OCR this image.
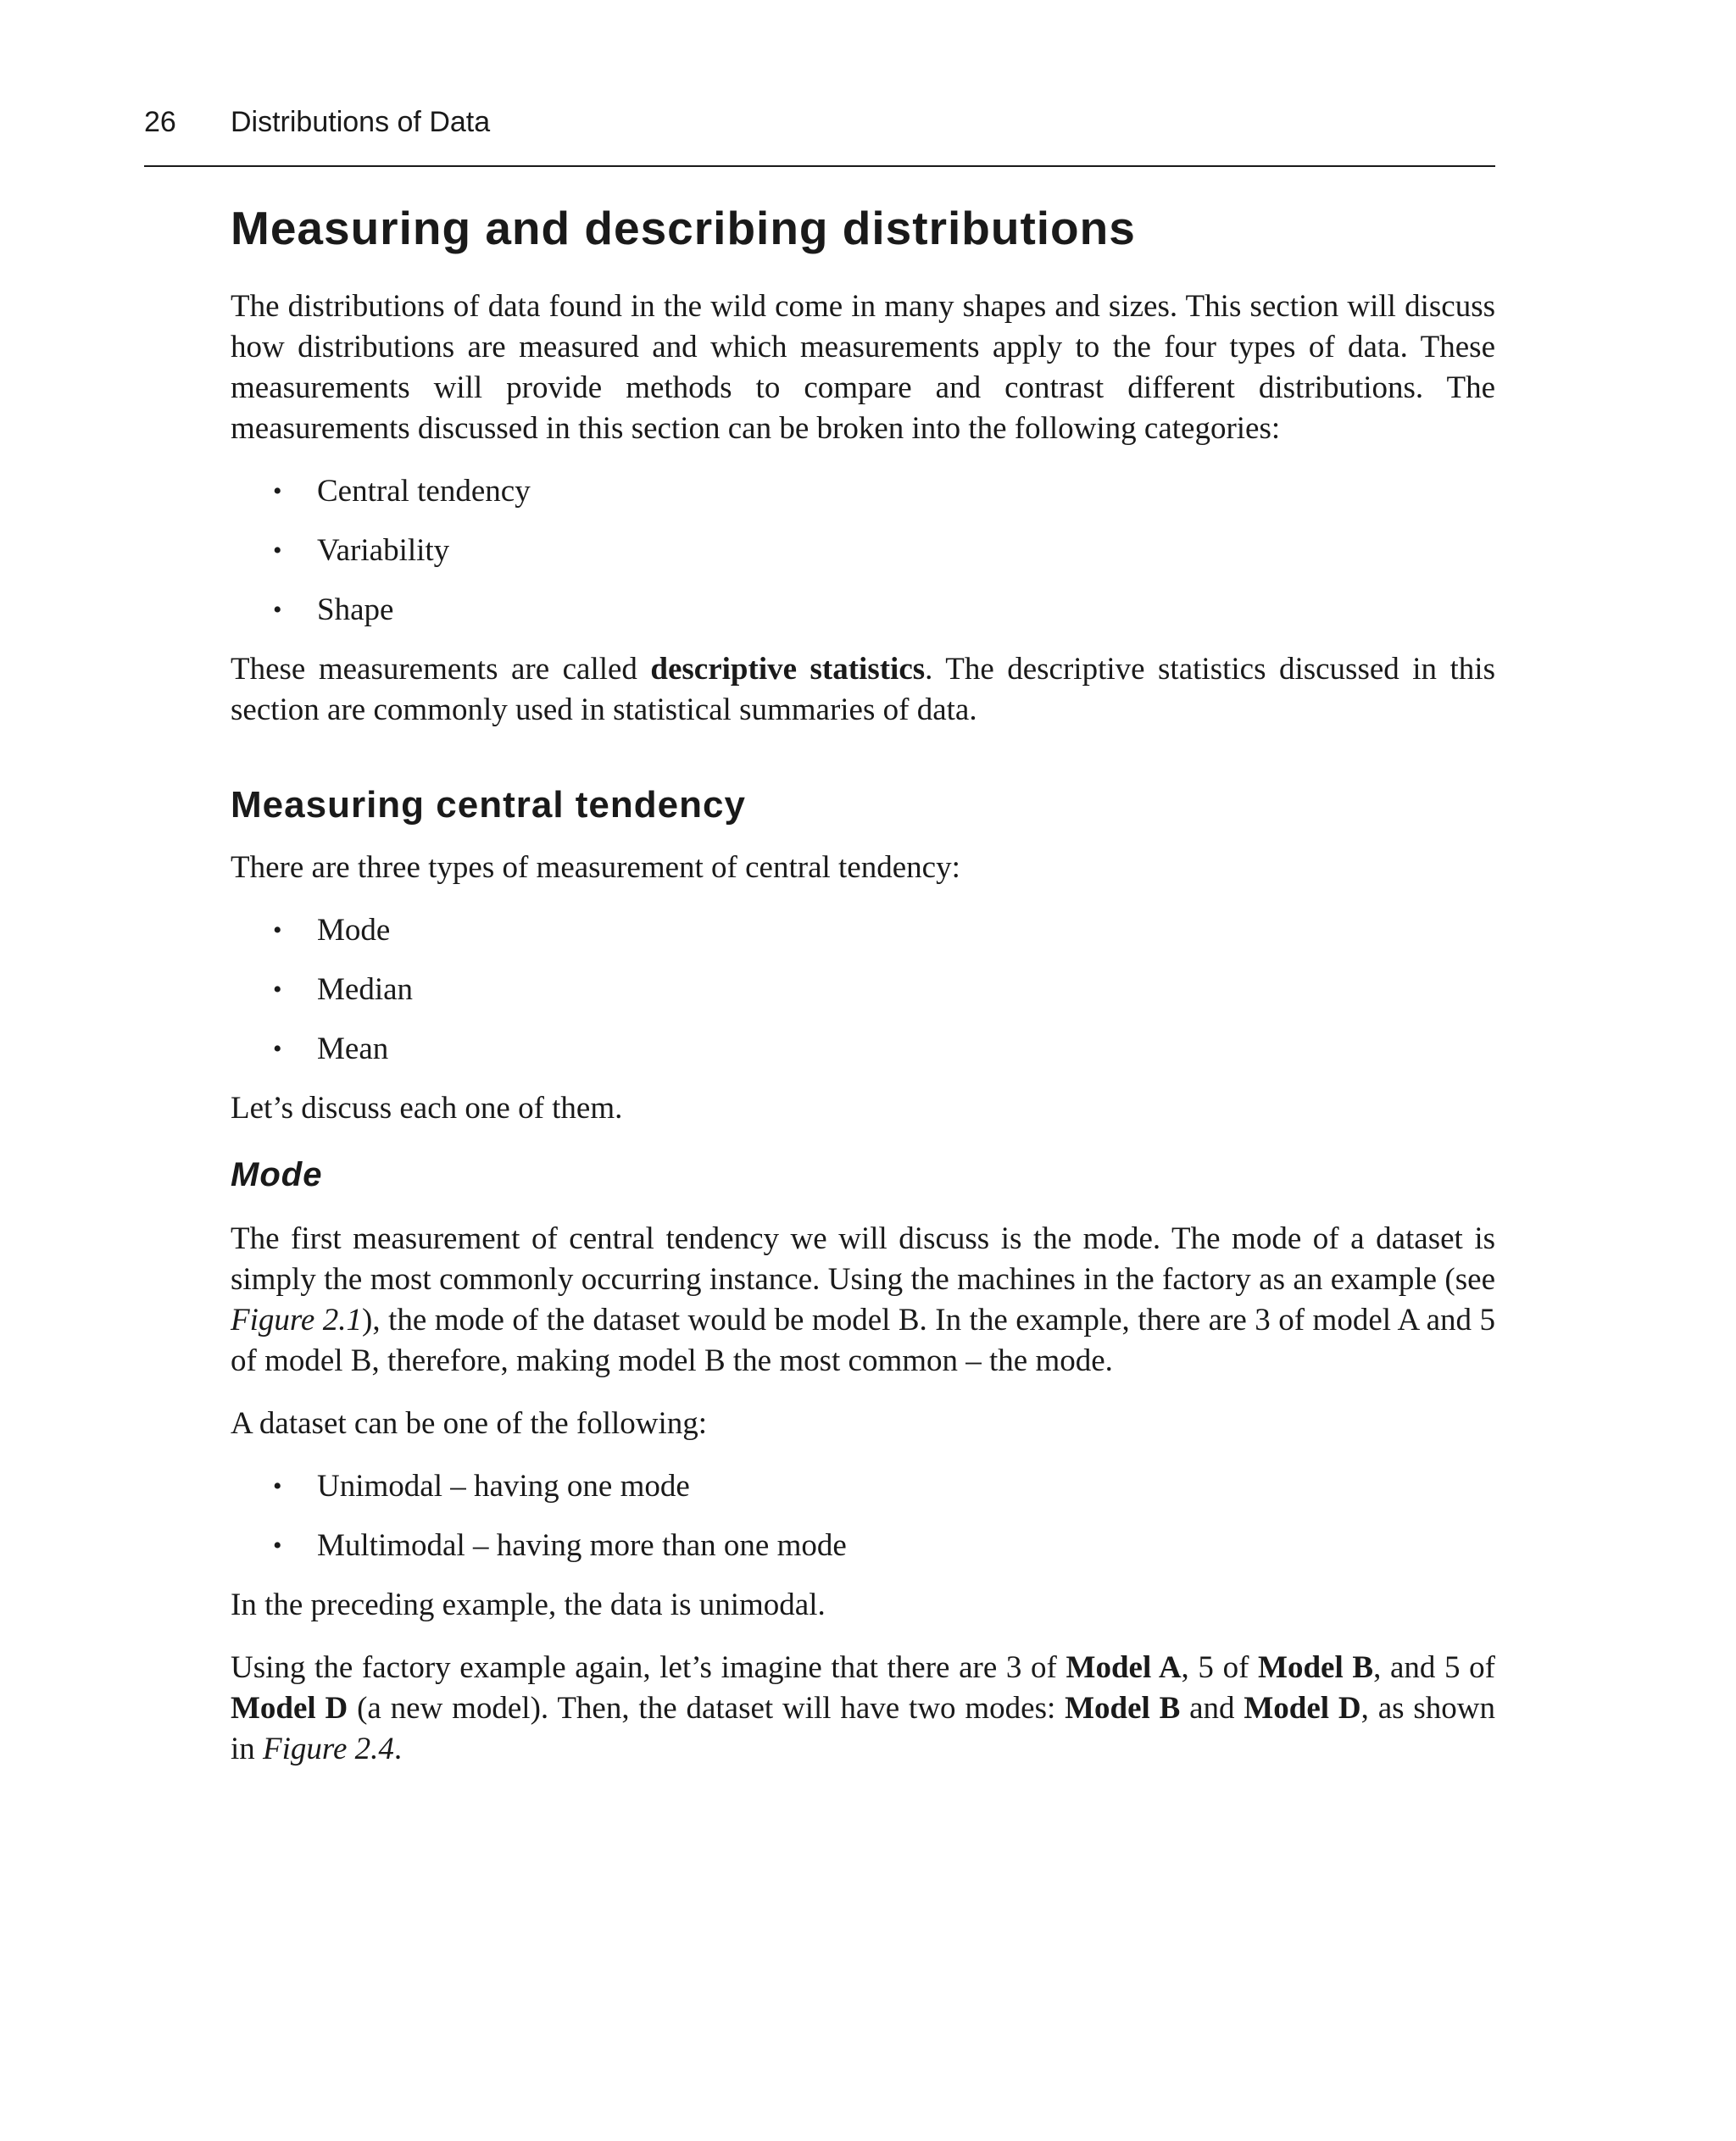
26 Distributions of Data
Measuring and describing distributions

The distributions of data found in the wild come in many shapes and sizes. This section will discuss how distributions are measured and which measurements apply to the four types of data. These measurements will provide methods to compare and contrast different distributions. The measurements discussed in this section can be broken into the following categories:

• Central tendency
• Variability
• Shape

These measurements are called descriptive statistics. The descriptive statistics discussed in this section are commonly used in statistical summaries of data.

Measuring central tendency

There are three types of measurement of central tendency:

• Mode
• Median
• Mean

Let’s discuss each one of them.

Mode

The first measurement of central tendency we will discuss is the mode. The mode of a dataset is simply the most commonly occurring instance. Using the machines in the factory as an example (see Figure 2.1), the mode of the dataset would be model B. In the example, there are 3 of model A and 5 of model B, therefore, making model B the most common – the mode.

A dataset can be one of the following:

• Unimodal – having one mode
• Multimodal – having more than one mode

In the preceding example, the data is unimodal.

Using the factory example again, let’s imagine that there are 3 of Model A, 5 of Model B, and 5 of Model D (a new model). Then, the dataset will have two modes: Model B and Model D, as shown in Figure 2.4.
